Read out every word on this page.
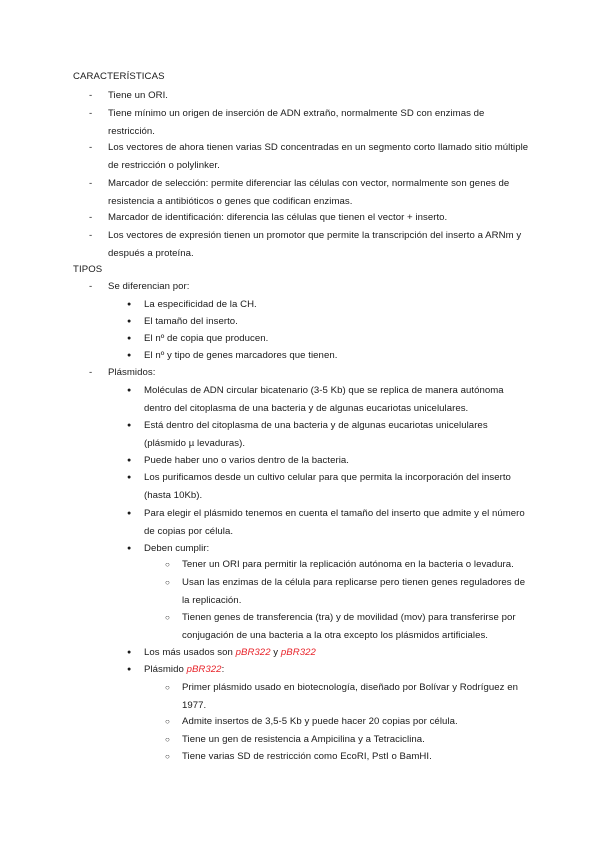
CARACTERÍSTICAS
- Tiene un ORI.
- Tiene mínimo un origen de inserción de ADN extraño, normalmente SD con enzimas de restricción.
- Los vectores de ahora tienen varias SD concentradas en un segmento corto llamado sitio múltiple de restricción o polylinker.
- Marcador de selección: permite diferenciar las células con vector, normalmente son genes de resistencia a antibióticos o genes que codifican enzimas.
- Marcador de identificación: diferencia las células que tienen el vector + inserto.
- Los vectores de expresión tienen un promotor que permite la transcripción del inserto a ARNm y después a proteína.
TIPOS
- Se diferencian por:
● La especificidad de la CH.
● El tamaño del inserto.
● El nº de copia que producen.
● El nº y tipo de genes marcadores que tienen.
- Plásmidos:
● Moléculas de ADN circular bicatenario (3-5 Kb) que se replica de manera autónoma dentro del citoplasma de una bacteria y de algunas eucariotas unicelulares.
● Está dentro del citoplasma de una bacteria y de algunas eucariotas unicelulares (plásmido µ levaduras).
● Puede haber uno o varios dentro de la bacteria.
● Los purificamos desde un cultivo celular para que permita la incorporación del inserto (hasta 10Kb).
● Para elegir el plásmido tenemos en cuenta el tamaño del inserto que admite y el número de copias por célula.
● Deben cumplir:
○ Tener un ORI para permitir la replicación autónoma en la bacteria o levadura.
○ Usan las enzimas de la célula para replicarse pero tienen genes reguladores de la replicación.
○ Tienen genes de transferencia (tra) y de movilidad (mov) para transferirse por conjugación de una bacteria a la otra excepto los plásmidos artificiales.
● Los más usados son pBR322 y pBR322
● Plásmido pBR322:
○ Primer plásmido usado en biotecnología, diseñado por Bolívar y Rodríguez en 1977.
○ Admite insertos de 3,5-5 Kb y puede hacer 20 copias por célula.
○ Tiene un gen de resistencia a Ampicilina y a Tetraciclina.
○ Tiene varias SD de restricción como EcoRI, PstI o BamHI.
